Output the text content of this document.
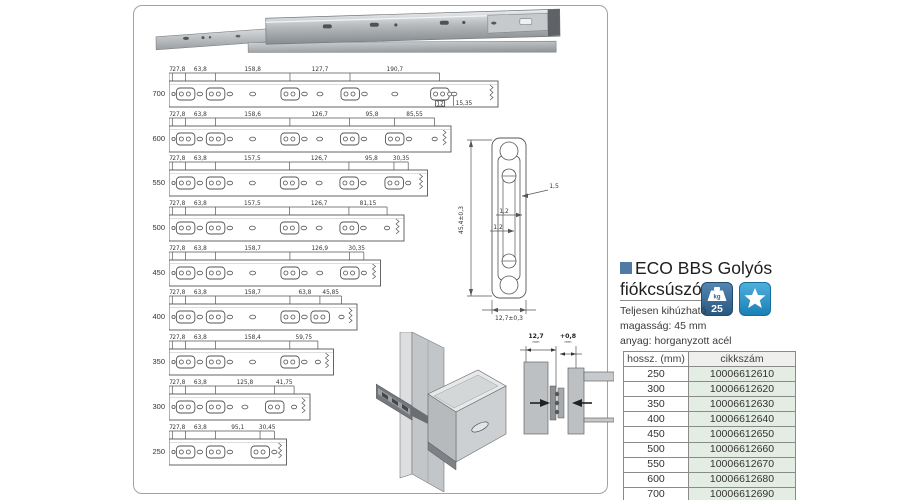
700
7 27,8 63,8	158,8	127,7	190,7
12 15,35
600
7 27,8 63,8	158,6	126,7	95,8	85,55
550
7 27,8 63,8	157,5	126,7	95,8	30,35
500
7 27,8 63,8	157,5	126,7	81,15
450
7 27,8 63,8	158,7	126,9	30,35
400
7 27,8 63,8	158,7	63,8 45,85
350
7 27,8 63,8	158,4	59,75
300
7 27,8 63,8	125,8	41,75
250
7 27,8 63,8	95,1	30,45
45,4±0,3
1,5
1,2
1,2
12,7±0,3
12,7
mm
+0,8
mm
ECO BBS Golyós
fiókcsúszó	kg
25
Teljesen kihúzható
magasság: 45 mm
anyag: horganyzott acél
hossz. (mm)	cikkszám
250	10006612610
300	10006612620
350	10006612630
400	10006612640
450	10006612650
500	10006612660
550	10006612670
600	10006612680
700	10006612690
